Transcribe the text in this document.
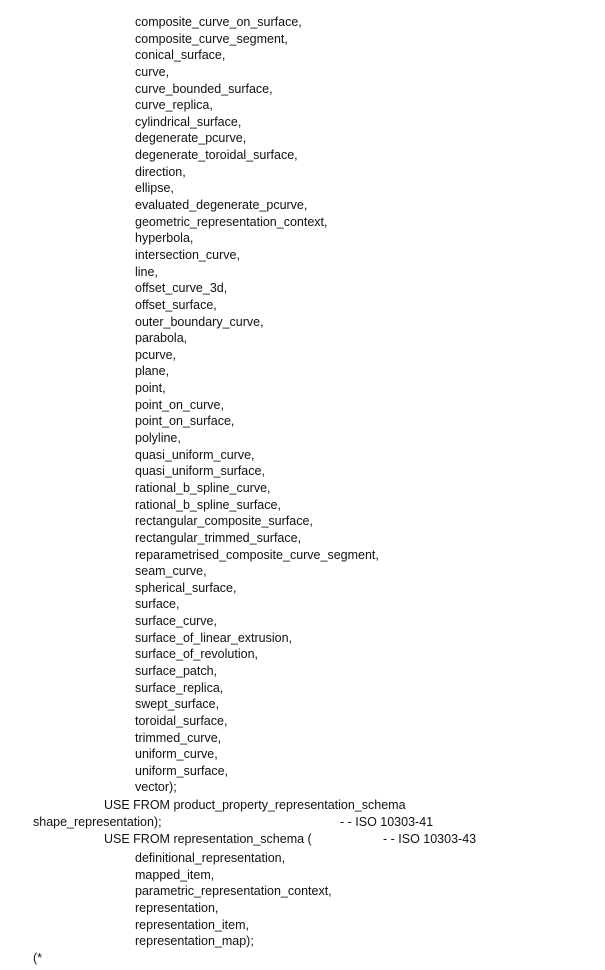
composite_curve_on_surface,
composite_curve_segment,
conical_surface,
curve,
curve_bounded_surface,
curve_replica,
cylindrical_surface,
degenerate_pcurve,
degenerate_toroidal_surface,
direction,
ellipse,
evaluated_degenerate_pcurve,
geometric_representation_context,
hyperbola,
intersection_curve,
line,
offset_curve_3d,
offset_surface,
outer_boundary_curve,
parabola,
pcurve,
plane,
point,
point_on_curve,
point_on_surface,
polyline,
quasi_uniform_curve,
quasi_uniform_surface,
rational_b_spline_curve,
rational_b_spline_surface,
rectangular_composite_surface,
rectangular_trimmed_surface,
reparametrised_composite_curve_segment,
seam_curve,
spherical_surface,
surface,
surface_curve,
surface_of_linear_extrusion,
surface_of_revolution,
surface_patch,
surface_replica,
swept_surface,
toroidal_surface,
trimmed_curve,
uniform_curve,
uniform_surface,
vector);
USE FROM product_property_representation_schema
shape_representation);	- - ISO 10303-41
USE FROM representation_schema (	- - ISO 10303-43
definitional_representation,
mapped_item,
parametric_representation_context,
representation,
representation_item,
representation_map);
(*
